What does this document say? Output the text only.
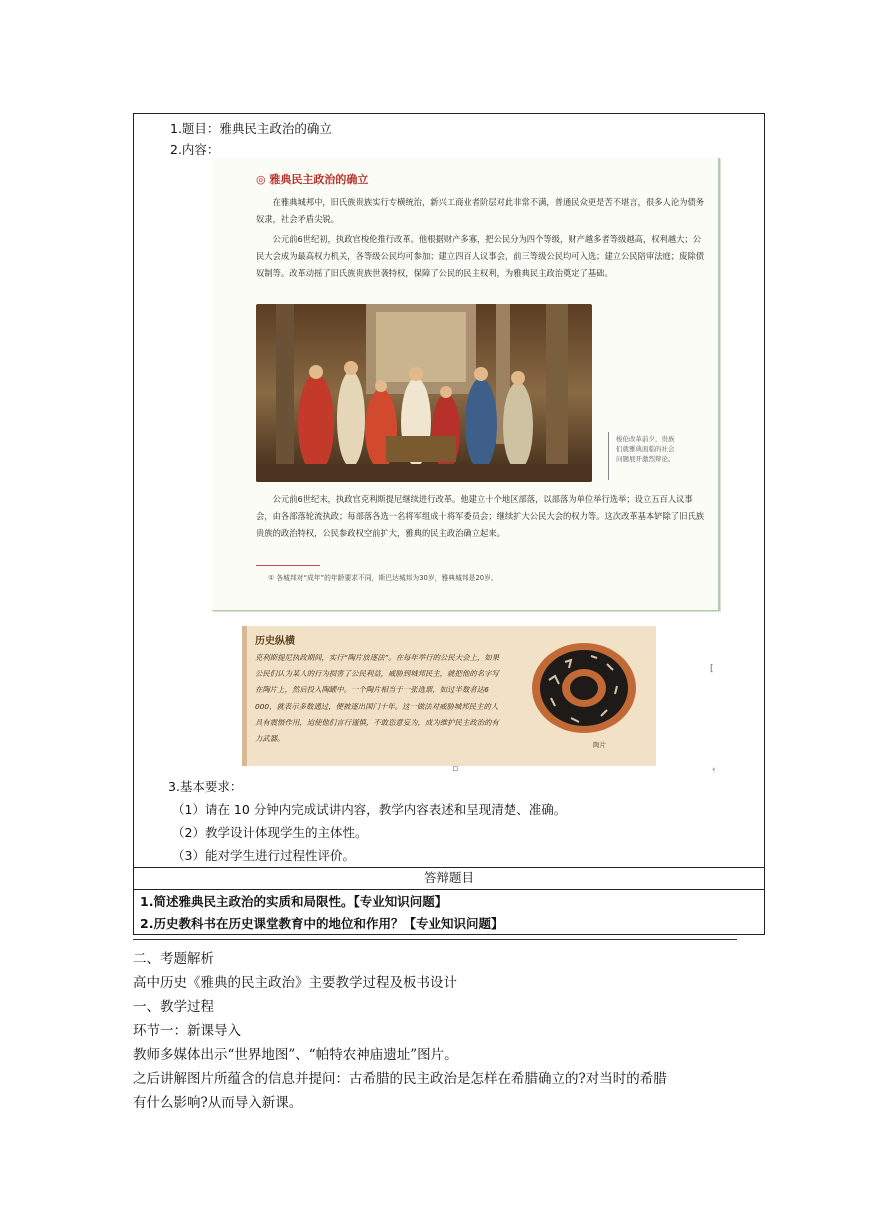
1.题目：雅典民主政治的确立
2.内容：
3.基本要求：
（1）请在 10 分钟内完成试讲内容，教学内容表述和呈现清楚、准确。
（2）教学设计体现学生的主体性。
（3）能对学生进行过程性评价。
答辩题目
1.简述雅典民主政治的实质和局限性。【专业知识问题】
2.历史教科书在历史课堂教育中的地位和作用？【专业知识问题】
◎ 雅典民主政治的确立
在雅典城邦中，旧氏族贵族实行专横统治，新兴工商业者阶层对此非常不满，普通民众更是苦不堪言，很多人沦为债务奴隶，社会矛盾尖锐。
公元前6世纪初，执政官梭伦推行改革。他根据财产多寡，把公民分为四个等级，财产越多者等级越高，权利越大；公民大会成为最高权力机关，各等级公民均可参加；建立四百人议事会，前三等级公民均可入选；建立公民陪审法庭；废除债奴制等。改革动摇了旧氏族贵族世袭特权，保障了公民的民主权利，为雅典民主政治奠定了基础。
梭伦改革前夕，贵族们就雅典面临的社会问题展开激烈辩论。
公元前6世纪末，执政官克利斯提尼继续进行改革。他建立十个地区部落，以部落为单位举行选举；设立五百人议事会，由各部落轮流执政；每部落各选一名将军组成十将军委员会；继续扩大公民大会的权力等。这次改革基本铲除了旧氏族贵族的政治特权，公民参政权空前扩大，雅典的民主政治确立起来。
① 各城邦对“成年”的年龄要求不同，斯巴达城邦为30岁，雅典城邦是20岁。
历史纵横
克利斯提尼执政期间，实行“陶片放逐法”。在每年举行的公民大会上，如果公民们认为某人的行为损害了公民利益，威胁到城邦民主，就把他的名字写在陶片上，然后投入陶罐中。一个陶片相当于一张选票，如过半数者达6 000，就表示多数通过，便被逐出国门十年。这一做法对威胁城邦民主的人具有震慑作用，迫使他们言行谨慎，不敢恣意妄为，成为维护民主政治的有力武器。
陶片
[
‹
▫
二、考题解析
高中历史《雅典的民主政治》主要教学过程及板书设计
一、教学过程
环节一：新课导入
教师多媒体出示“世界地图”、“帕特农神庙遗址”图片。
之后讲解图片所蕴含的信息并提问：古希腊的民主政治是怎样在希腊确立的?对当时的希腊
有什么影响?从而导入新课。
